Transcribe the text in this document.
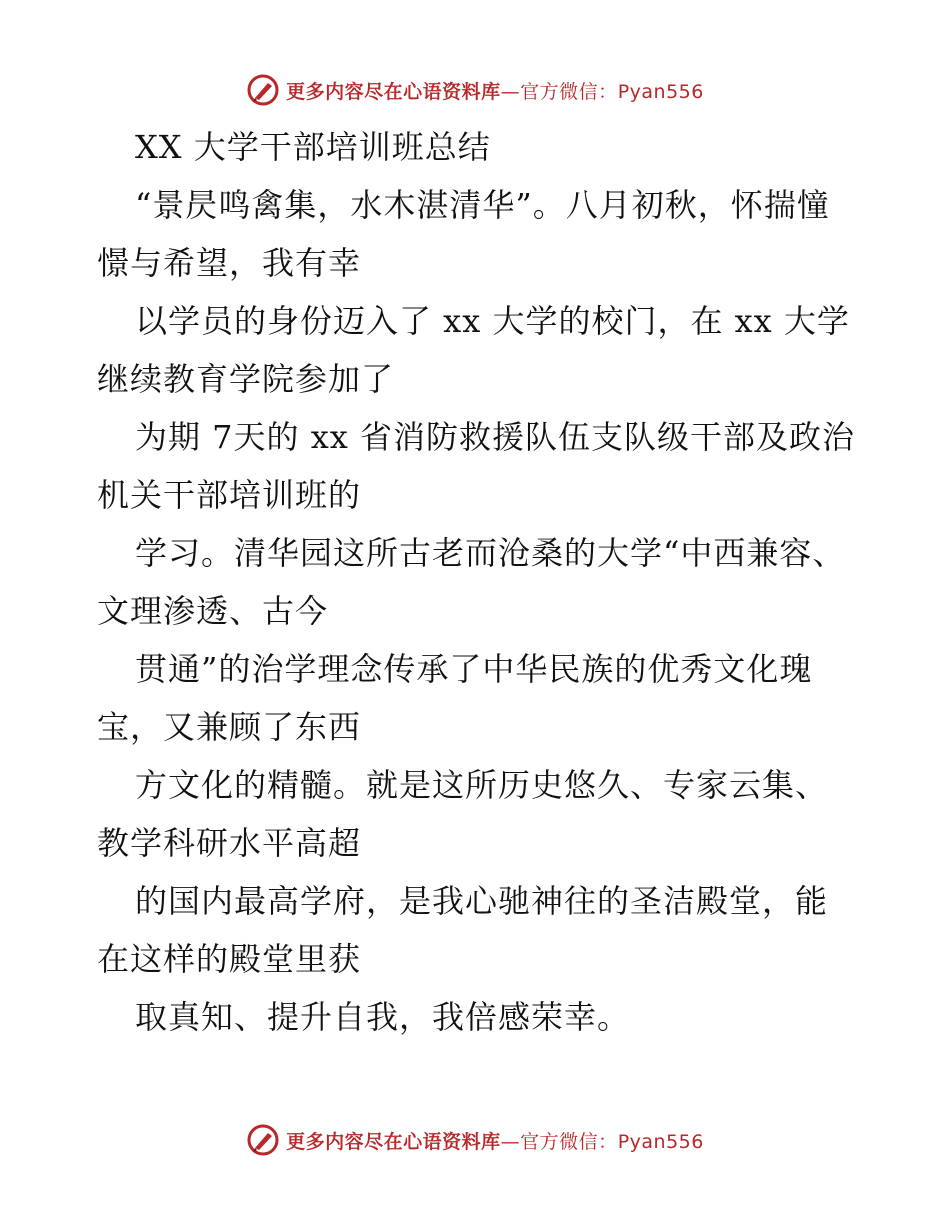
更多内容尽在心语资料库—官方微信：Pyan556

XX 大学干部培训班总结

“景昃鸣禽集，水木湛清华”。八月初秋，怀揣憧憬与希望，我有幸

以学员的身份迈入了 xx 大学的校门，在 xx 大学继续教育学院参加了

为期 7天的 xx 省消防救援队伍支队级干部及政治机关干部培训班的

学习。清华园这所古老而沧桑的大学“中西兼容、文理渗透、古今

贯通”的治学理念传承了中华民族的优秀文化瑰宝，又兼顾了东西

方文化的精髓。就是这所历史悠久、专家云集、教学科研水平高超

的国内最高学府，是我心驰神往的圣洁殿堂，能在这样的殿堂里获

取真知、提升自我，我倍感荣幸。

更多内容尽在心语资料库—官方微信：Pyan556
